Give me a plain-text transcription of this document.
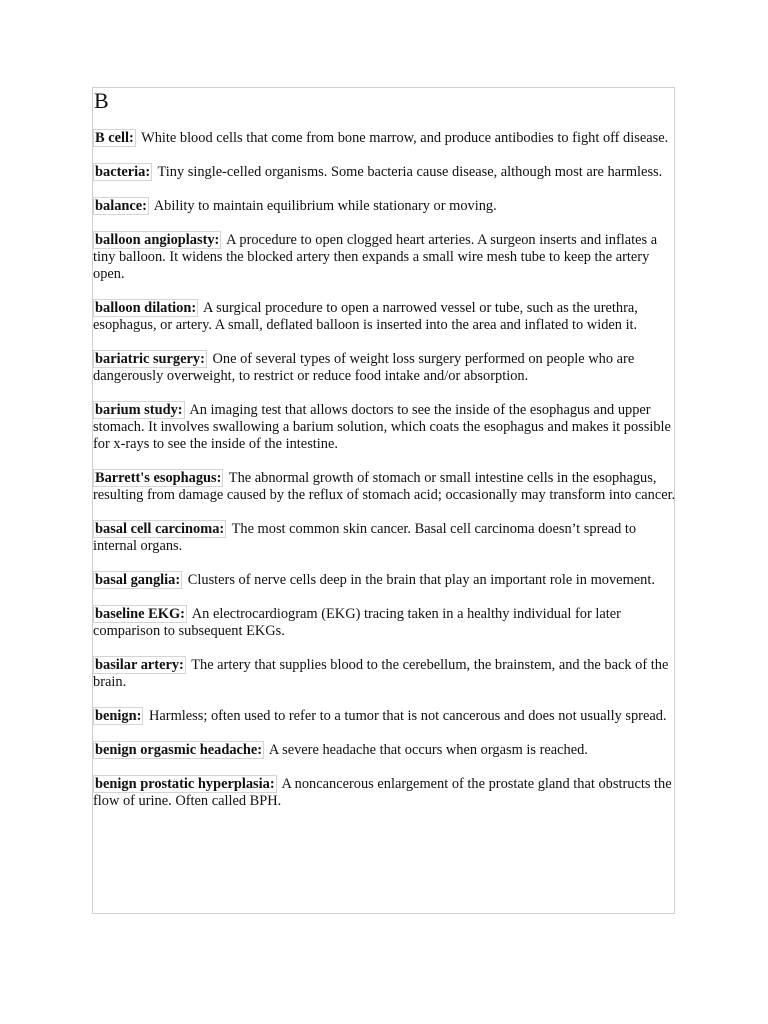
B
B cell: White blood cells that come from bone marrow, and produce antibodies to fight off disease.
bacteria: Tiny single-celled organisms. Some bacteria cause disease, although most are harmless.
balance: Ability to maintain equilibrium while stationary or moving.
balloon angioplasty: A procedure to open clogged heart arteries. A surgeon inserts and inflates a tiny balloon. It widens the blocked artery then expands a small wire mesh tube to keep the artery open.
balloon dilation: A surgical procedure to open a narrowed vessel or tube, such as the urethra, esophagus, or artery. A small, deflated balloon is inserted into the area and inflated to widen it.
bariatric surgery: One of several types of weight loss surgery performed on people who are dangerously overweight, to restrict or reduce food intake and/or absorption.
barium study: An imaging test that allows doctors to see the inside of the esophagus and upper stomach. It involves swallowing a barium solution, which coats the esophagus and makes it possible for x-rays to see the inside of the intestine.
Barrett's esophagus: The abnormal growth of stomach or small intestine cells in the esophagus, resulting from damage caused by the reflux of stomach acid; occasionally may transform into cancer.
basal cell carcinoma: The most common skin cancer. Basal cell carcinoma doesn’t spread to internal organs.
basal ganglia: Clusters of nerve cells deep in the brain that play an important role in movement.
baseline EKG: An electrocardiogram (EKG) tracing taken in a healthy individual for later comparison to subsequent EKGs.
basilar artery: The artery that supplies blood to the cerebellum, the brainstem, and the back of the brain.
benign: Harmless; often used to refer to a tumor that is not cancerous and does not usually spread.
benign orgasmic headache: A severe headache that occurs when orgasm is reached.
benign prostatic hyperplasia: A noncancerous enlargement of the prostate gland that obstructs the flow of urine. Often called BPH.
